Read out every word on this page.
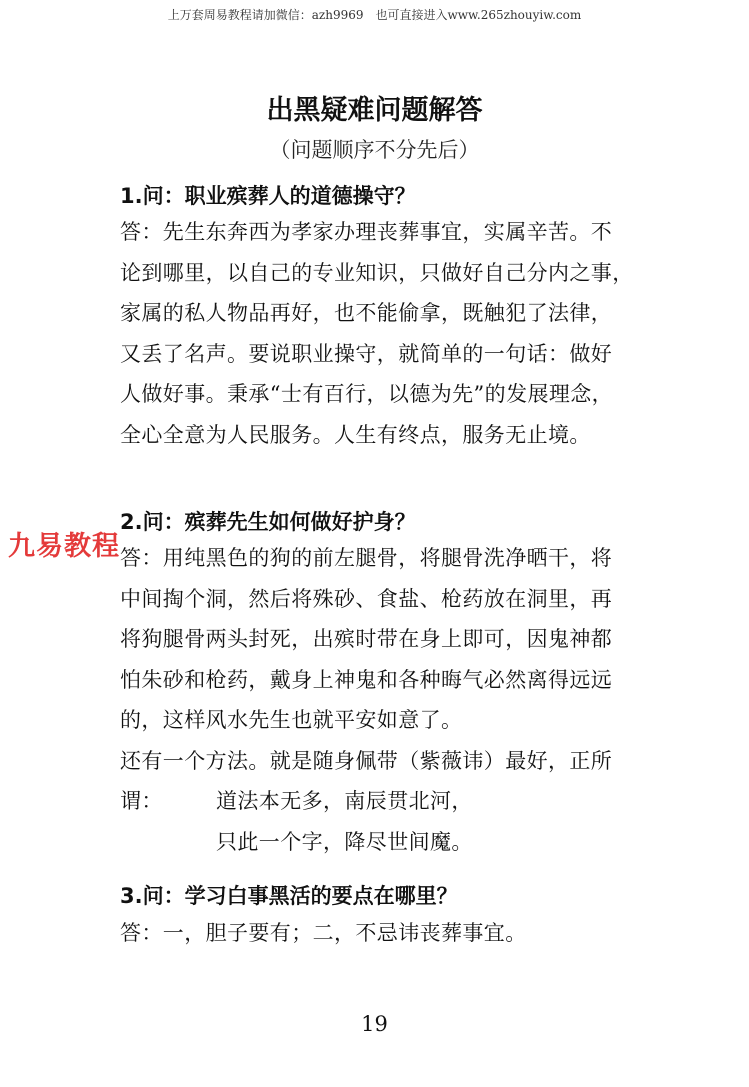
上万套周易教程请加微信：azh9969　也可直接进入www.265zhouyiw.com
出黑疑难问题解答
（问题顺序不分先后）
1.问：职业殡葬人的道德操守？
答：先生东奔西为孝家办理丧葬事宜，实属辛苦。不
论到哪里，以自己的专业知识，只做好自己分内之事，
家属的私人物品再好，也不能偷拿，既触犯了法律，
又丢了名声。要说职业操守，就简单的一句话：做好
人做好事。秉承“士有百行，以德为先”的发展理念，
全心全意为人民服务。人生有终点，服务无止境。
2.问：殡葬先生如何做好护身？
答：用纯黑色的狗的前左腿骨，将腿骨洗净晒干，将
中间掏个洞，然后将殊砂、食盐、枪药放在洞里，再
将狗腿骨两头封死，出殡时带在身上即可，因鬼神都
怕朱砂和枪药，戴身上神鬼和各种晦气必然离得远远
的，这样风水先生也就平安如意了。
还有一个方法。就是随身佩带（紫薇讳）最好，正所
谓：	道法本无多，南辰贯北河，
只此一个字，降尽世间魔。
3.问：学习白事黑活的要点在哪里？
答：一，胆子要有；二，不忌讳丧葬事宜。
九易教程
19
